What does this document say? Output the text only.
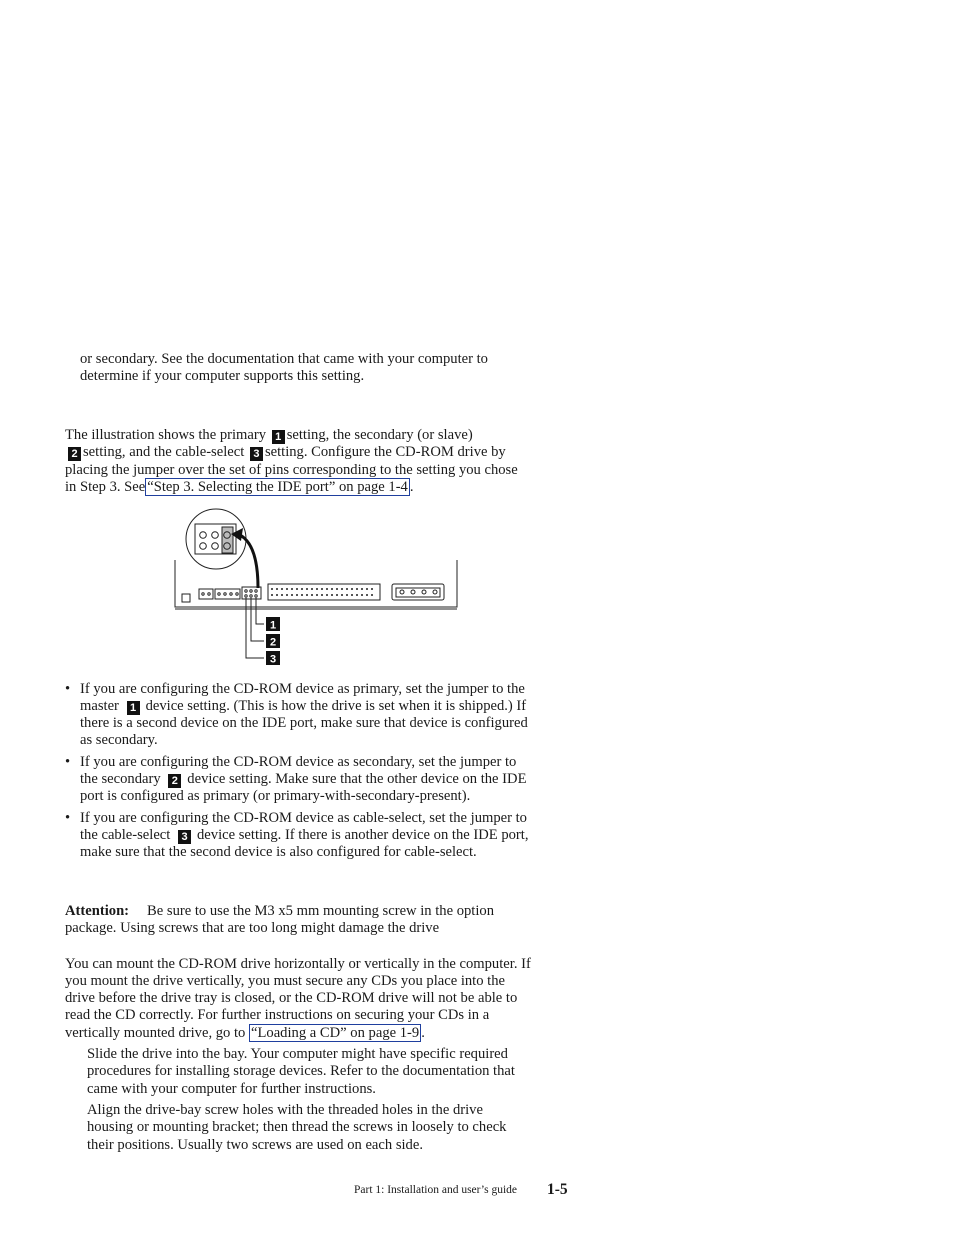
or secondary. See the documentation that came with your computer to
determine if your computer supports this setting.
The illustration shows the primary 1 setting, the secondary (or slave)
2 setting, and the cable-select 3 setting. Configure the CD-ROM drive by
placing the jumper over the set of pins corresponding to the setting you chose
in Step 3. See “Step 3. Selecting the IDE port” on page 1-4 .
1
2
3
• If you are configuring the CD-ROM device as primary, set the jumper to the
master 1 device setting. (This is how the drive is set when it is shipped.) If
there is a second device on the IDE port, make sure that device is configured
as secondary.
• If you are configuring the CD-ROM device as secondary, set the jumper to
the secondary 2 device setting. Make sure that the other device on the IDE
port is configured as primary (or primary-with-secondary-present).
• If you are configuring the CD-ROM device as cable-select, set the jumper to
the cable-select 3 device setting. If there is another device on the IDE port,
make sure that the second device is also configured for cable-select.
Attention: Be sure to use the M3 x5 mm mounting screw in the option
package. Using screws that are too long might damage the drive
You can mount the CD-ROM drive horizontally or vertically in the computer. If
you mount the drive vertically, you must secure any CDs you place into the
drive before the drive tray is closed, or the CD-ROM drive will not be able to
read the CD correctly. For further instructions on securing your CDs in a
vertically mounted drive, go to “Loading a CD” on page 1-9 .
Slide the drive into the bay. Your computer might have specific required
procedures for installing storage devices. Refer to the documentation that
came with your computer for further instructions.
Align the drive-bay screw holes with the threaded holes in the drive
housing or mounting bracket; then thread the screws in loosely to check
their positions. Usually two screws are used on each side.
Part 1: Installation and user’s guide 1-5
